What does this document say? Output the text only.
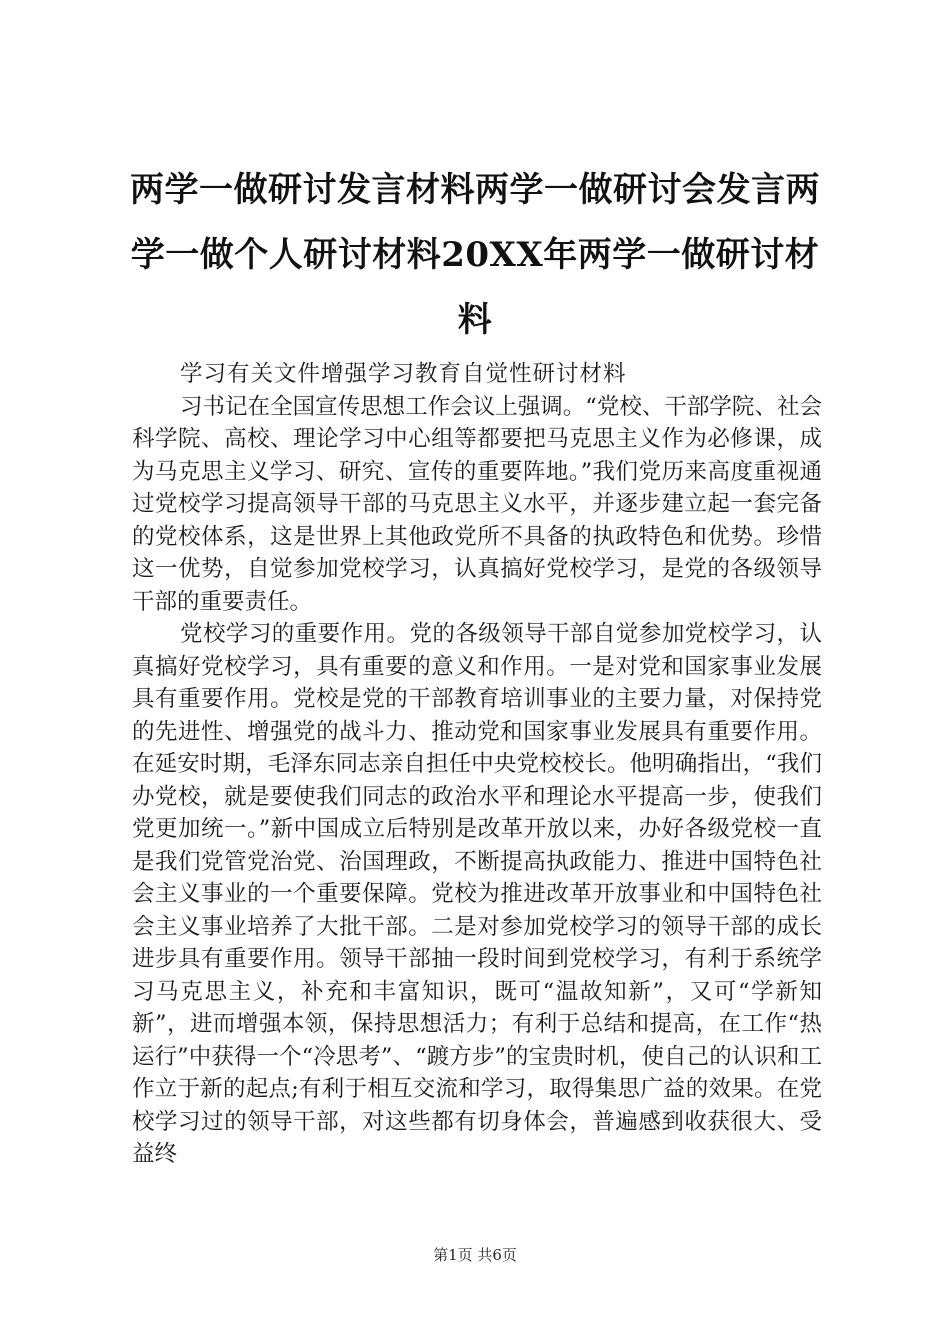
两学一做研讨发言材料两学一做研讨会发言两学一做个人研讨材料20XX年两学一做研讨材料

学习有关文件增强学习教育自觉性研讨材料

习书记在全国宣传思想工作会议上强调。“党校、干部学院、社会科学院、高校、理论学习中心组等都要把马克思主义作为必修课，成为马克思主义学习、研究、宣传的重要阵地。”我们党历来高度重视通过党校学习提高领导干部的马克思主义水平，并逐步建立起一套完备的党校体系，这是世界上其他政党所不具备的执政特色和优势。珍惜这一优势，自觉参加党校学习，认真搞好党校学习，是党的各级领导干部的重要责任。

党校学习的重要作用。党的各级领导干部自觉参加党校学习，认真搞好党校学习，具有重要的意义和作用。一是对党和国家事业发展具有重要作用。党校是党的干部教育培训事业的主要力量，对保持党的先进性、增强党的战斗力、推动党和国家事业发展具有重要作用。在延安时期，毛泽东同志亲自担任中央党校校长。他明确指出，“我们办党校，就是要使我们同志的政治水平和理论水平提高一步，使我们党更加统一。”新中国成立后特别是改革开放以来，办好各级党校一直是我们党管党治党、治国理政，不断提高执政能力、推进中国特色社会主义事业的一个重要保障。党校为推进改革开放事业和中国特色社会主义事业培养了大批干部。二是对参加党校学习的领导干部的成长进步具有重要作用。领导干部抽一段时间到党校学习，有利于系统学习马克思主义，补充和丰富知识，既可“温故知新”，又可“学新知新”，进而增强本领，保持思想活力；有利于总结和提高，在工作“热运行”中获得一个“冷思考”、“踱方步”的宝贵时机，使自己的认识和工作立于新的起点;有利于相互交流和学习，取得集思广益的效果。在党校学习过的领导干部，对这些都有切身体会，普遍感到收获很大、受益终

第1页 共6页
